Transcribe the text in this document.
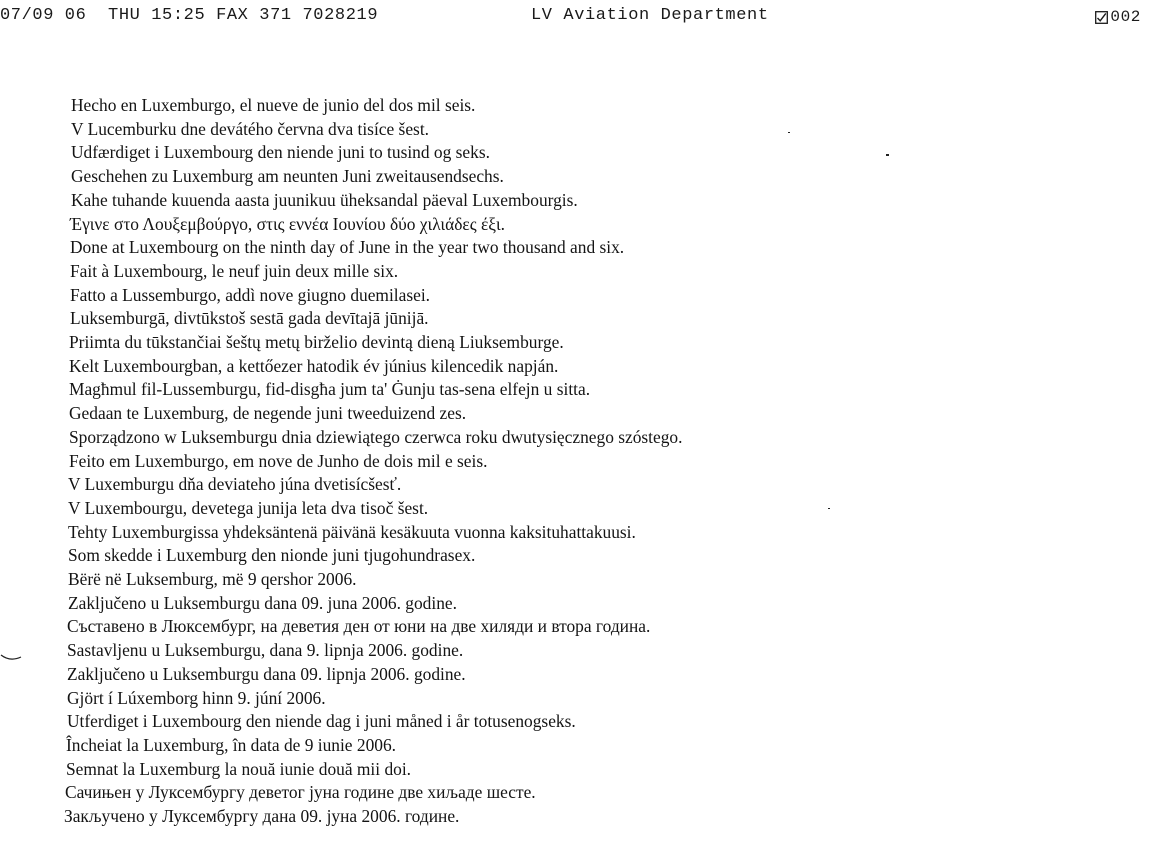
07/09 06 THU 15:25 FAX 371 7028219	LV Aviation Department	002
Hecho en Luxemburgo, el nueve de junio del dos mil seis.
V Lucemburku dne devátého června dva tisíce šest.
Udfærdiget i Luxembourg den niende juni to tusind og seks.
Geschehen zu Luxemburg am neunten Juni zweitausendsechs.
Kahe tuhande kuuenda aasta juunikuu üheksandal päeval Luxembourgis.
Έγινε στο Λουξεμβούργο, στις εννέα Ιουνίου δύο χιλιάδες έξι.
Done at Luxembourg on the ninth day of June in the year two thousand and six.
Fait à Luxembourg, le neuf juin deux mille six.
Fatto a Lussemburgo, addì nove giugno duemilasei.
Luksemburgā, divtūkstoš sestā gada devītajā jūnijā.
Priimta du tūkstančiai šeštų metų birželio devintą dieną Liuksemburge.
Kelt Luxembourgban, a kettőezer hatodik év június kilencedik napján.
Magħmul fil-Lussemburgu, fid-disgħa jum ta' Ġunju tas-sena elfejn u sitta.
Gedaan te Luxemburg, de negende juni tweeduizend zes.
Sporządzono w Luksemburgu dnia dziewiątego czerwca roku dwutysięcznego szóstego.
Feito em Luxemburgo, em nove de Junho de dois mil e seis.
V Luxemburgu dňa deviateho júna dvetisícšesť.
V Luxembourgu, devetega junija leta dva tisoč šest.
Tehty Luxemburgissa yhdeksäntenä päivänä kesäkuuta vuonna kaksituhattakuusi.
Som skedde i Luxemburg den nionde juni tjugohundrasex.
Bërë në Luksemburg, më 9 qershor 2006.
Zaključeno u Luksemburgu dana 09. juna 2006. godine.
Съставено в Люксембург, на деветия ден от юни на две хиляди и втора година.
Sastavljenu u Luksemburgu, dana 9. lipnja 2006. godine.
Zaključeno u Luksemburgu dana 09. lipnja 2006. godine.
Gjört í Lúxemborg hinn 9. júní 2006.
Utferdiget i Luxembourg den niende dag i juni måned i år totusenogseks.
Încheiat la Luxemburg, în data de 9 iunie 2006.
Semnat la Luxemburg la nouă iunie două mii doi.
Сачињен у Луксембургу деветог јуна године две хиљаде шесте.
Закључено у Луксембургу дана 09. јуна 2006. године.
